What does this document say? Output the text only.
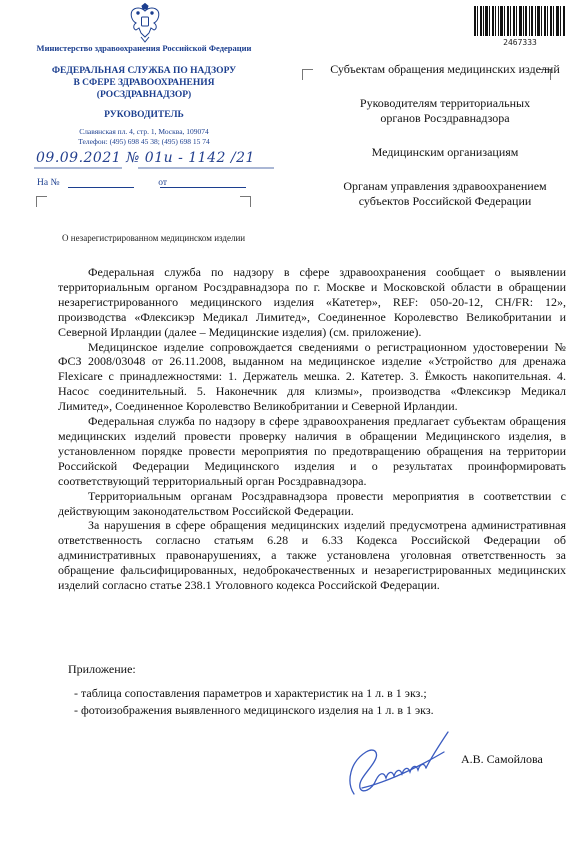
Министерство здравоохранения Российской Федерации
ФЕДЕРАЛЬНАЯ СЛУЖБА ПО НАДЗОРУ
В СФЕРЕ ЗДРАВООХРАНЕНИЯ
(РОСЗДРАВНАДЗОР)
РУКОВОДИТЕЛЬ
Славянская пл. 4, стр. 1, Москва, 109074
Телефон: (495) 698 45 38; (495) 698 15 74
09.09.2021 № 01и - 1142 /21
На №	от
О незарегистрированном медицинском изделии
2467333

Субъектам обращения медицинских изделий

Руководителям территориальных органов Росздравнадзора

Медицинским организациям

Органам управления здравоохранением субъектов Российской Федерации

Федеральная служба по надзору в сфере здравоохранения сообщает о выявлении территориальным органом Росздравнадзора по г. Москве и Московской области в обращении незарегистрированного медицинского изделия «Катетер», REF: 050-20-12, CH/FR: 12», производства «Флексикэр Медикал Лимитед», Соединенное Королевство Великобритании и Северной Ирландии (далее – Медицинские изделия) (см. приложение).

Медицинское изделие сопровождается сведениями о регистрационном удостоверении № ФСЗ 2008/03048 от 26.11.2008, выданном на медицинское изделие «Устройство для дренажа Flexicare с принадлежностями: 1. Держатель мешка. 2. Катетер. 3. Ёмкость накопительная. 4. Насос соединительный. 5. Наконечник для клизмы», производства «Флексикэр Медикал Лимитед», Соединенное Королевство Великобритании и Северной Ирландии.

Федеральная служба по надзору в сфере здравоохранения предлагает субъектам обращения медицинских изделий провести проверку наличия в обращении Медицинского изделия, в установленном порядке провести мероприятия по предотвращению обращения на территории Российской Федерации Медицинского изделия и о результатах проинформировать соответствующий территориальный орган Росздравнадзора.

Территориальным органам Росздравнадзора провести мероприятия в соответствии с действующим законодательством Российской Федерации.

За нарушения в сфере обращения медицинских изделий предусмотрена административная ответственность согласно статьям 6.28 и 6.33 Кодекса Российской Федерации об административных правонарушениях, а также установлена уголовная ответственность за обращение фальсифицированных, недоброкачественных и незарегистрированных медицинских изделий согласно статье 238.1 Уголовного кодекса Российской Федерации.

Приложение:
- таблица сопоставления параметров и характеристик на 1 л. в 1 экз.;
- фотоизображения выявленного медицинского изделия на 1 л. в 1 экз.
А.В. Самойлова
